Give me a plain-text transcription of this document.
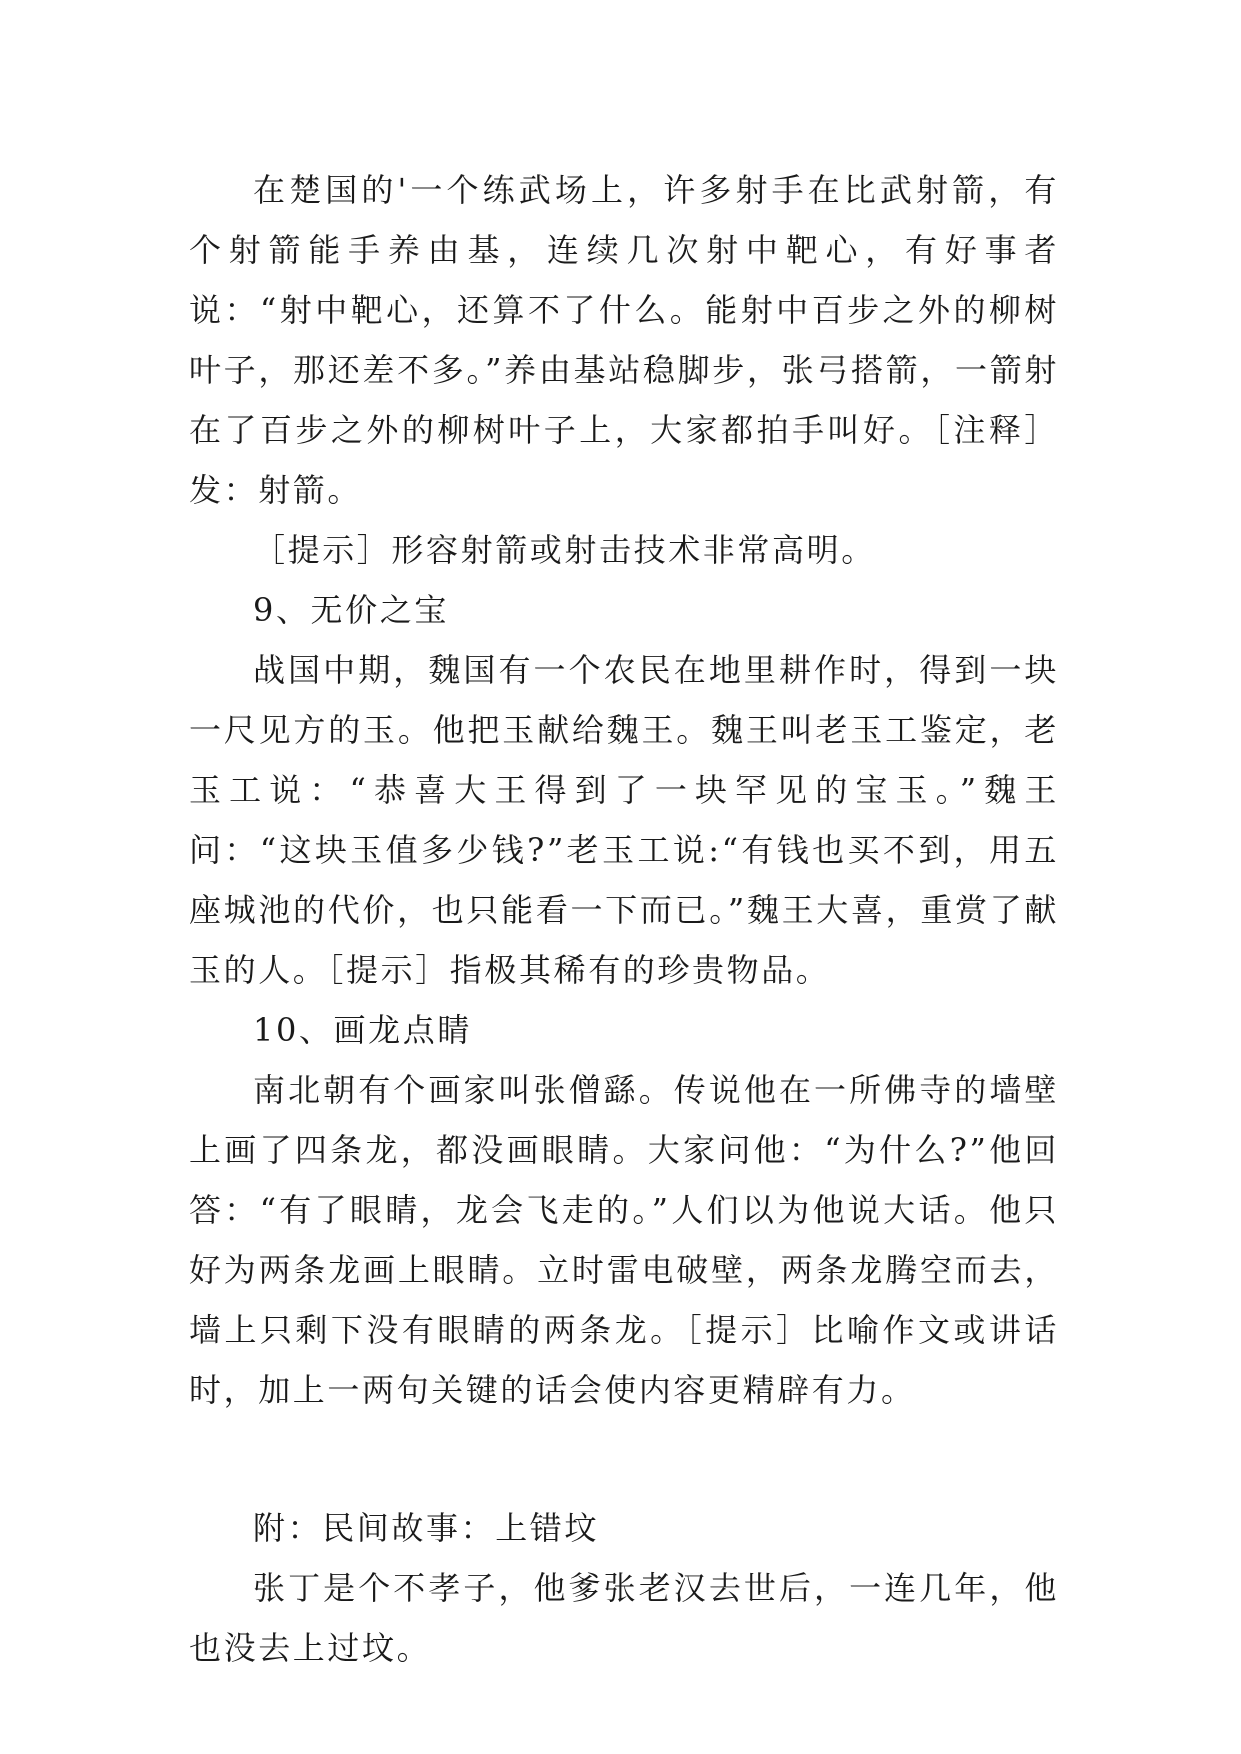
在楚国的'一个练武场上，许多射手在比武射箭，有个射箭能手养由基，连续几次射中靶心，有好事者说：“射中靶心，还算不了什么。能射中百步之外的柳树叶子，那还差不多。”养由基站稳脚步，张弓搭箭，一箭射在了百步之外的柳树叶子上，大家都拍手叫好。［注释］发：射箭。

［提示］形容射箭或射击技术非常高明。

9、无价之宝

战国中期，魏国有一个农民在地里耕作时，得到一块一尺见方的玉。他把玉献给魏王。魏王叫老玉工鉴定，老玉工说：“恭喜大王得到了一块罕见的宝玉。”魏王问：“这块玉值多少钱?”老玉工说:“有钱也买不到，用五座城池的代价，也只能看一下而已。”魏王大喜，重赏了献玉的人。［提示］指极其稀有的珍贵物品。

10、画龙点睛

南北朝有个画家叫张僧繇。传说他在一所佛寺的墙壁上画了四条龙，都没画眼睛。大家问他：“为什么?”他回答：“有了眼睛，龙会飞走的。”人们以为他说大话。他只好为两条龙画上眼睛。立时雷电破壁，两条龙腾空而去，墙上只剩下没有眼睛的两条龙。［提示］比喻作文或讲话时，加上一两句关键的话会使内容更精辟有力。

附：民间故事：上错坟

张丁是个不孝子，他爹张老汉去世后，一连几年，他也没去上过坟。
